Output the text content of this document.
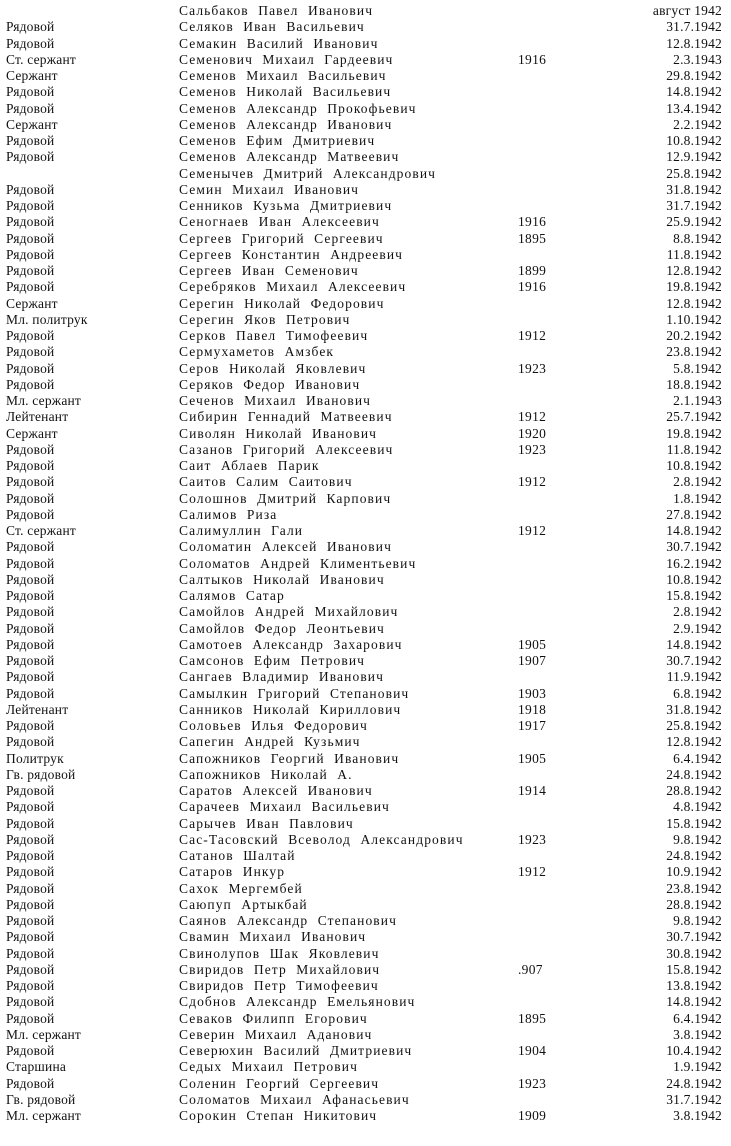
Сальбаков Павел Иванович	август 1942
Рядовой	Селяков Иван Васильевич	31.7.1942
Рядовой	Семакин Василий Иванович	12.8.1942
Ст. сержант	Семенович Михаил Гардеевич	1916	2.3.1943
Сержант	Семенов Михаил Васильевич	29.8.1942
Рядовой	Семенов Николай Васильевич	14.8.1942
Рядовой	Семенов Александр Прокофьевич	13.4.1942
Сержант	Семенов Александр Иванович	2.2.1942
Рядовой	Семенов Ефим Дмитриевич	10.8.1942
Рядовой	Семенов Александр Матвеевич	12.9.1942
Семенычев Дмитрий Александрович	25.8.1942
Рядовой	Семин Михаил Иванович	31.8.1942
Рядовой	Сенников Кузьма Дмитриевич	31.7.1942
Рядовой	Сеногнаев Иван Алексеевич	1916	25.9.1942
Рядовой	Сергеев Григорий Сергеевич	1895	8.8.1942
Рядовой	Сергеев Константин Андреевич	11.8.1942
Рядовой	Сергеев Иван Семенович	1899	12.8.1942
Рядовой	Серебряков Михаил Алексеевич	1916	19.8.1942
Сержант	Серегин Николай Федорович	12.8.1942
Мл. политрук	Серегин Яков Петрович	1.10.1942
Рядовой	Серков Павел Тимофеевич	1912	20.2.1942
Рядовой	Сермухаметов Амзбек	23.8.1942
Рядовой	Серов Николай Яковлевич	1923	5.8.1942
Рядовой	Серяков Федор Иванович	18.8.1942
Мл. сержант	Сеченов Михаил Иванович	2.1.1943
Лейтенант	Сибирин Геннадий Матвеевич	1912	25.7.1942
Сержант	Сиволян Николай Иванович	1920	19.8.1942
Рядовой	Сазанов Григорий Алексеевич	1923	11.8.1942
Рядовой	Саит Аблаев Парик	10.8.1942
Рядовой	Саитов Салим Саитович	1912	2.8.1942
Рядовой	Солошнов Дмитрий Карпович	1.8.1942
Рядовой	Салимов Риза	27.8.1942
Ст. сержант	Салимуллин Гали	1912	14.8.1942
Рядовой	Соломатин Алексей Иванович	30.7.1942
Рядовой	Соломатов Андрей Климентьевич	16.2.1942
Рядовой	Салтыков Николай Иванович	10.8.1942
Рядовой	Салямов Сатар	15.8.1942
Рядовой	Самойлов Андрей Михайлович	2.8.1942
Рядовой	Самойлов Федор Леонтьевич	2.9.1942
Рядовой	Самотоев Александр Захарович	1905	14.8.1942
Рядовой	Самсонов Ефим Петрович	1907	30.7.1942
Рядовой	Сангаев Владимир Иванович	11.9.1942
Рядовой	Самылкин Григорий Степанович	1903	6.8.1942
Лейтенант	Санников Николай Кириллович	1918	31.8.1942
Рядовой	Соловьев Илья Федорович	1917	25.8.1942
Рядовой	Сапегин Андрей Кузьмич	12.8.1942
Политрук	Сапожников Георгий Иванович	1905	6.4.1942
Гв. рядовой	Сапожников Николай А.	24.8.1942
Рядовой	Саратов Алексей Иванович	1914	28.8.1942
Рядовой	Сарачеев Михаил Васильевич	4.8.1942
Рядовой	Сарычев Иван Павлович	15.8.1942
Рядовой	Сас-Тасовский Всеволод Александрович	1923	9.8.1942
Рядовой	Сатанов Шалтай	24.8.1942
Рядовой	Сатаров Инкур	1912	10.9.1942
Рядовой	Сахок Мергембей	23.8.1942
Рядовой	Саюпуп Артыкбай	28.8.1942
Рядовой	Саянов Александр Степанович	9.8.1942
Рядовой	Свамин Михаил Иванович	30.7.1942
Рядовой	Свинолупов Шак Яковлевич	30.8.1942
Рядовой	Свиридов Петр Михайлович	.907	15.8.1942
Рядовой	Свиридов Петр Тимофеевич	13.8.1942
Рядовой	Сдобнов Александр Емельянович	14.8.1942
Рядовой	Севаков Филипп Егорович	1895	6.4.1942
Мл. сержант	Северин Михаил Аданович	3.8.1942
Рядовой	Северюхин Василий Дмитриевич	1904	10.4.1942
Старшина	Седых Михаил Петрович	1.9.1942
Рядовой	Соленин Георгий Сергеевич	1923	24.8.1942
Гв. рядовой	Соломатов Михаил Афанасьевич	31.7.1942
Мл. сержант	Сорокин Степан Никитович	1909	3.8.1942
